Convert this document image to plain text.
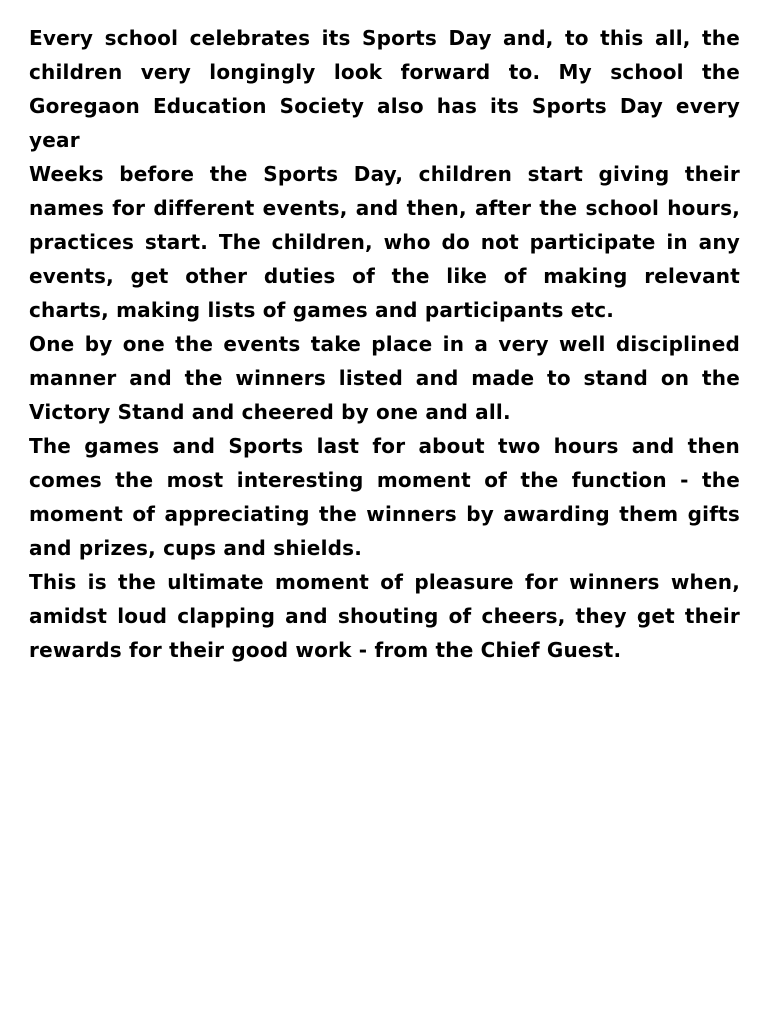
Every school celebrates its Sports Day and, to this all, the children very longingly look forward to. My school the Goregaon Education Society also has its Sports Day every year

Weeks before the Sports Day, children start giving their names for different events, and then, after the school hours, practices start. The children, who do not participate in any events, get other duties of the like of making relevant charts, making lists of games and participants etc.

One by one the events take place in a very well disciplined manner and the winners listed and made to stand on the Victory Stand and cheered by one and all.

The games and Sports last for about two hours and then comes the most interesting moment of the function - the moment of appreciating the winners by awarding them gifts and prizes, cups and shields.

This is the ultimate moment of pleasure for winners when, amidst loud clapping and shouting of cheers, they get their rewards for their good work - from the Chief Guest.
